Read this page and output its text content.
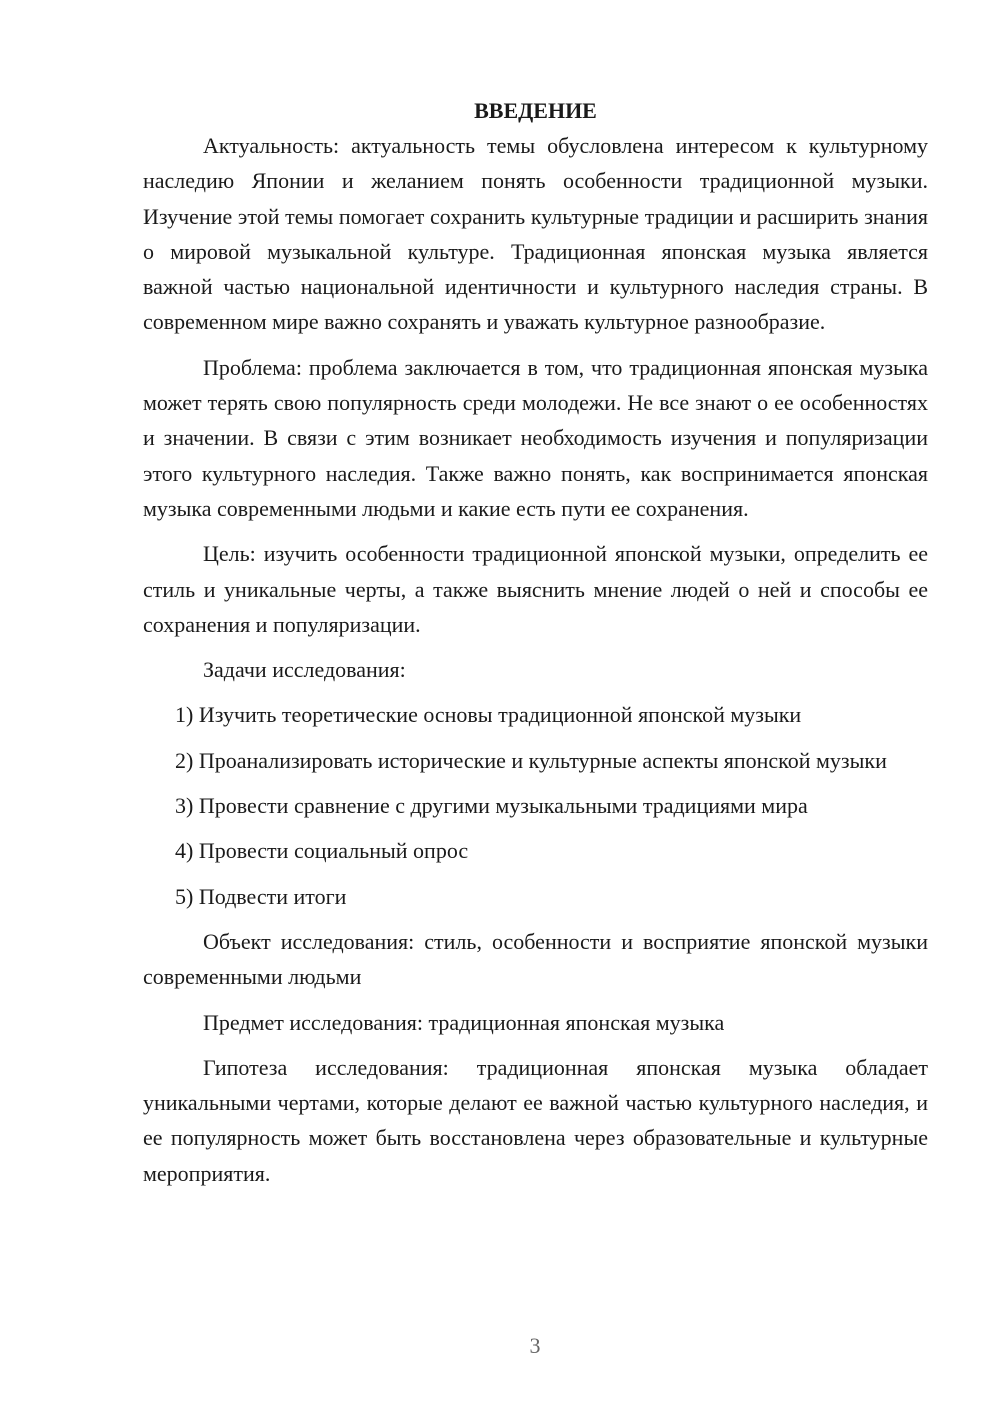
ВВЕДЕНИЕ

Актуальность: актуальность темы обусловлена интересом к культурному наследию Японии и желанием понять особенности традиционной музыки. Изучение этой темы помогает сохранить культурные традиции и расширить знания о мировой музыкальной культуре. Традиционная японская музыка является важной частью национальной идентичности и культурного наследия страны. В современном мире важно сохранять и уважать культурное разнообразие.

Проблема: проблема заключается в том, что традиционная японская музыка может терять свою популярность среди молодежи. Не все знают о ее особенностях и значении. В связи с этим возникает необходимость изучения и популяризации этого культурного наследия. Также важно понять, как воспринимается японская музыка современными людьми и какие есть пути ее сохранения.

Цель: изучить особенности традиционной японской музыки, определить ее стиль и уникальные черты, а также выяснить мнение людей о ней и способы ее сохранения и популяризации.

Задачи исследования:

1) Изучить теоретические основы традиционной японской музыки

2) Проанализировать исторические и культурные аспекты японской музыки

3) Провести сравнение с другими музыкальными традициями мира

4) Провести социальный опрос

5) Подвести итоги

Объект исследования: стиль, особенности и восприятие японской музыки современными людьми

Предмет исследования: традиционная японская музыка

Гипотеза исследования: традиционная японская музыка обладает уникальными чертами, которые делают ее важной частью культурного наследия, и ее популярность может быть восстановлена через образовательные и культурные мероприятия.

3
